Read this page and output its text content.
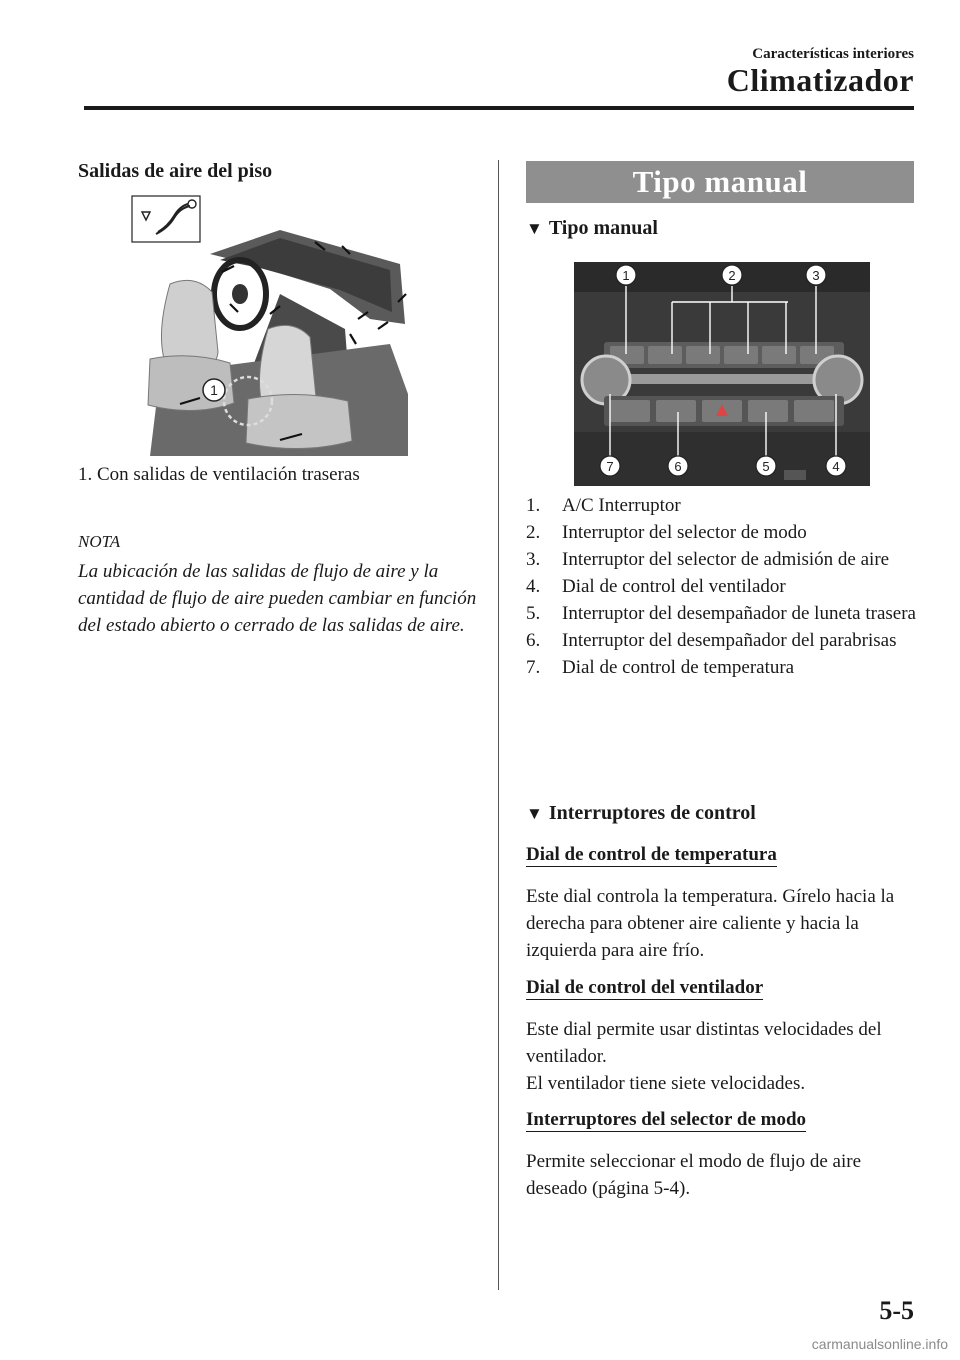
Características interiores
Climatizador
Salidas de aire del piso
1
1. Con salidas de ventilación traseras
NOTA
La ubicación de las salidas de flujo de aire y la cantidad de flujo de aire pueden cambiar en función del estado abierto o cerrado de las salidas de aire.
Tipo manual
▼ Tipo manual
1	2	3
4
5
6
7
1. A/C Interruptor
2. Interruptor del selector de modo
3. Interruptor del selector de admisión de aire
4. Dial de control del ventilador
5. Interruptor del desempañador de luneta trasera
6. Interruptor del desempañador del parabrisas
7. Dial de control de temperatura
▼ Interruptores de control
Dial de control de temperatura
Este dial controla la temperatura. Gírelo hacia la derecha para obtener aire caliente y hacia la izquierda para aire frío.
Dial de control del ventilador
Este dial permite usar distintas velocidades del ventilador.
El ventilador tiene siete velocidades.
Interruptores del selector de modo
Permite seleccionar el modo de flujo de aire deseado (página 5-4).
5-5
carmanualsonline.info
